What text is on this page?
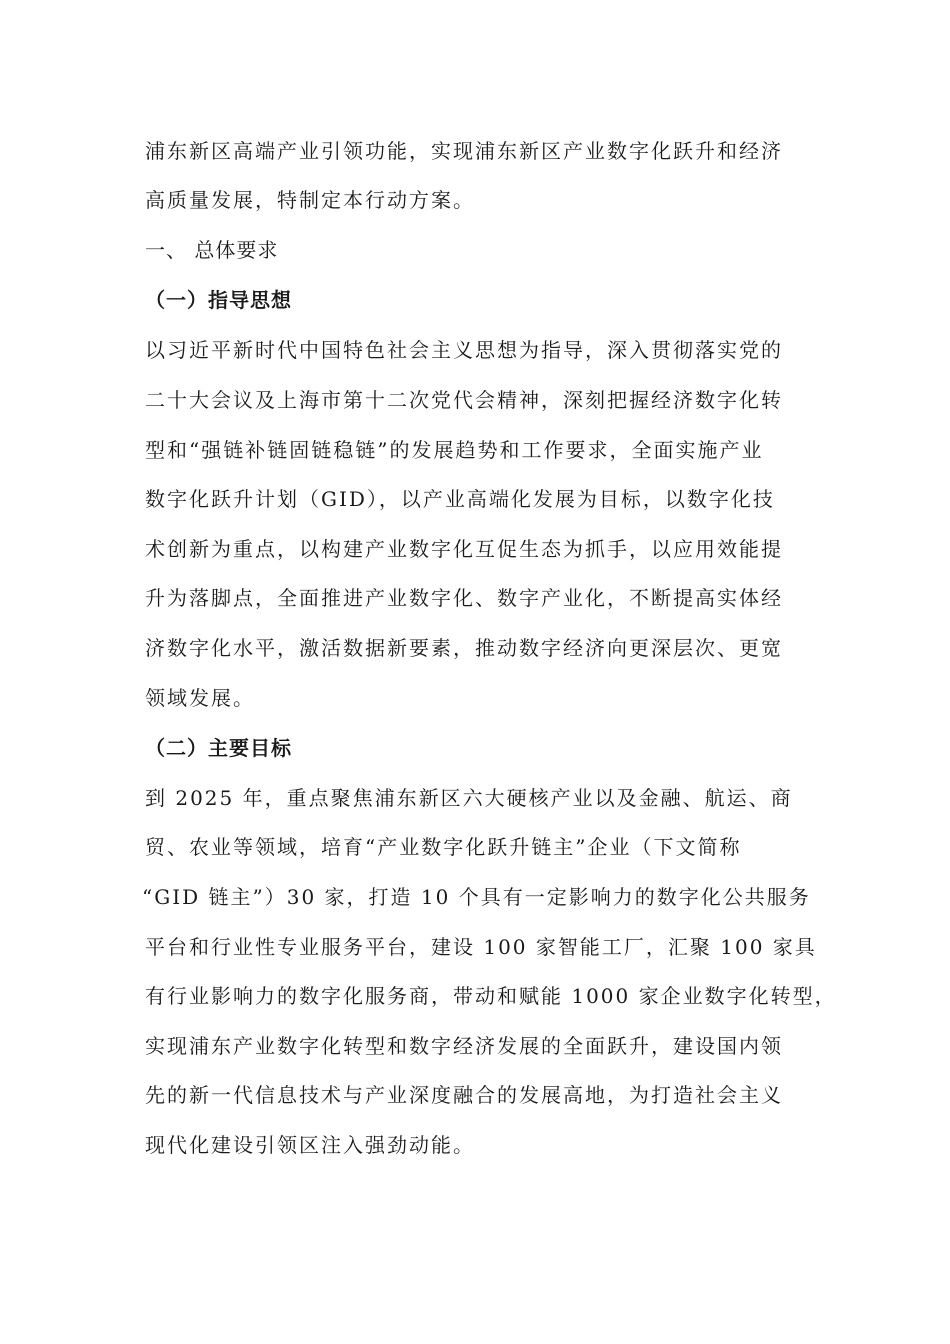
浦东新区高端产业引领功能，实现浦东新区产业数字化跃升和经济
高质量发展，特制定本行动方案。
一、 总体要求
（一）指导思想
以习近平新时代中国特色社会主义思想为指导，深入贯彻落实党的
二十大会议及上海市第十二次党代会精神，深刻把握经济数字化转
型和“强链补链固链稳链”的发展趋势和工作要求，全面实施产业
数字化跃升计划（GID），以产业高端化发展为目标，以数字化技
术创新为重点，以构建产业数字化互促生态为抓手，以应用效能提
升为落脚点，全面推进产业数字化、数字产业化，不断提高实体经
济数字化水平，激活数据新要素，推动数字经济向更深层次、更宽
领域发展。
（二）主要目标
到 2025 年，重点聚焦浦东新区六大硬核产业以及金融、航运、商
贸、农业等领域，培育“产业数字化跃升链主”企业（下文简称
“GID 链主”）30 家，打造 10 个具有一定影响力的数字化公共服务
平台和行业性专业服务平台，建设 100 家智能工厂，汇聚 100 家具
有行业影响力的数字化服务商，带动和赋能 1000 家企业数字化转型，
实现浦东产业数字化转型和数字经济发展的全面跃升，建设国内领
先的新一代信息技术与产业深度融合的发展高地，为打造社会主义
现代化建设引领区注入强劲动能。
